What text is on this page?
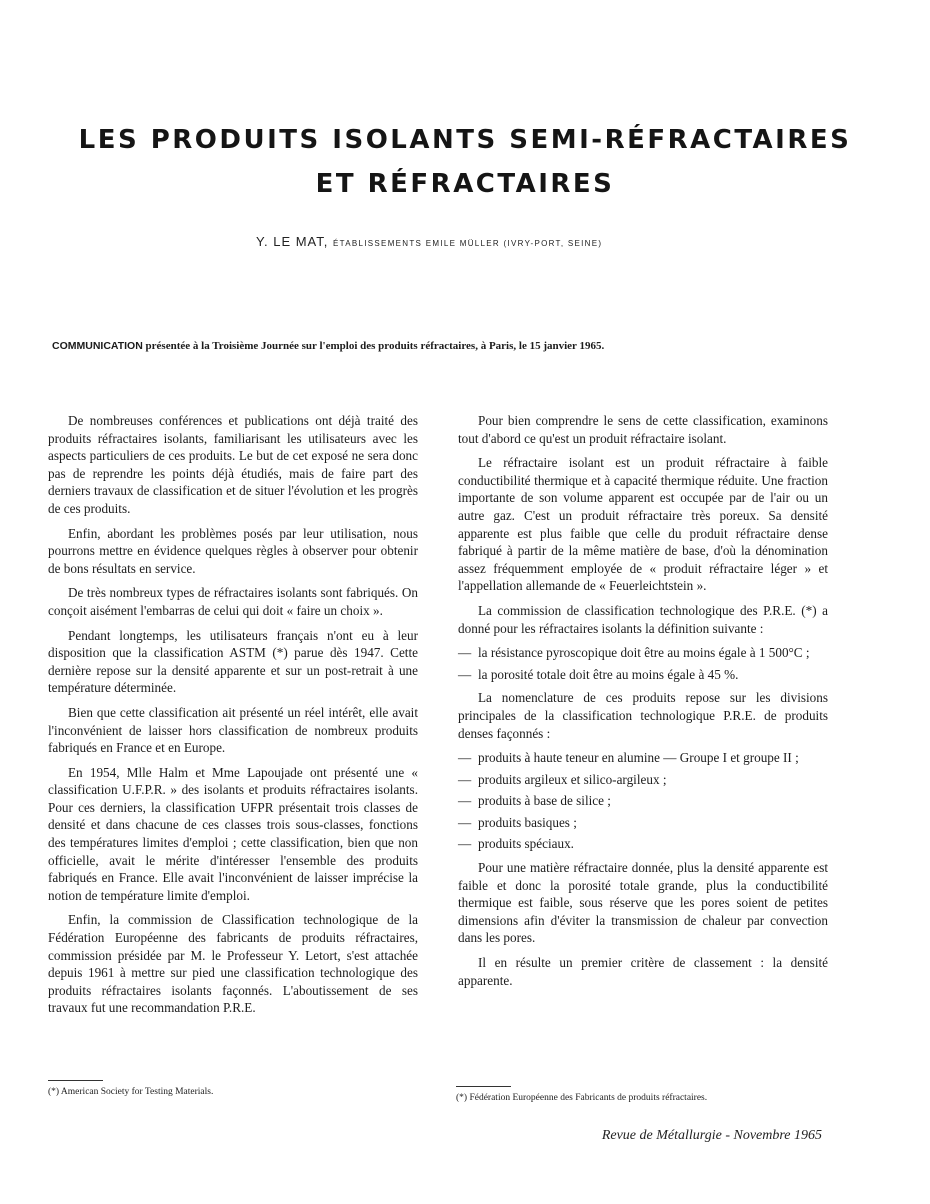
LES PRODUITS ISOLANTS SEMI-RÉFRACTAIRES
ET RÉFRACTAIRES
Y. LE MAT, ÉTABLISSEMENTS EMILE MÜLLER (IVRY-PORT, SEINE)
COMMUNICATION présentée à la Troisième Journée sur l'emploi des produits réfractaires, à Paris, le 15 janvier 1965.

De nombreuses conférences et publications ont déjà traité des produits réfractaires isolants, familiarisant les utilisateurs avec les aspects particuliers de ces produits. Le but de cet exposé ne sera donc pas de reprendre les points déjà étudiés, mais de faire part des derniers travaux de classification et de situer l'évolution et les progrès de ces produits.

Enfin, abordant les problèmes posés par leur utilisation, nous pourrons mettre en évidence quelques règles à observer pour obtenir de bons résultats en service.

De très nombreux types de réfractaires isolants sont fabriqués. On conçoit aisément l'embarras de celui qui doit « faire un choix ».

Pendant longtemps, les utilisateurs français n'ont eu à leur disposition que la classification ASTM (*) parue dès 1947. Cette dernière repose sur la densité apparente et sur un post-retrait à une température déterminée.

Bien que cette classification ait présenté un réel intérêt, elle avait l'inconvénient de laisser hors classification de nombreux produits fabriqués en France et en Europe.

En 1954, Mlle Halm et Mme Lapoujade ont présenté une « classification U.F.P.R. » des isolants et produits réfractaires isolants. Pour ces derniers, la classification UFPR présentait trois classes de densité et dans chacune de ces classes trois sous-classes, fonctions des températures limites d'emploi ; cette classification, bien que non officielle, avait le mérite d'intéresser l'ensemble des produits fabriqués en France. Elle avait l'inconvénient de laisser imprécise la notion de température limite d'emploi.

Enfin, la commission de Classification technologique de la Fédération Européenne des fabricants de produits réfractaires, commission présidée par M. le Professeur Y. Letort, s'est attachée depuis 1961 à mettre sur pied une classification technologique des produits réfractaires isolants façonnés. L'aboutissement de ses travaux fut une recommandation P.R.E.

Pour bien comprendre le sens de cette classification, examinons tout d'abord ce qu'est un produit réfractaire isolant.

Le réfractaire isolant est un produit réfractaire à faible conductibilité thermique et à capacité thermique réduite. Une fraction importante de son volume apparent est occupée par de l'air ou un autre gaz. C'est un produit réfractaire très poreux. Sa densité apparente est plus faible que celle du produit réfractaire dense fabriqué à partir de la même matière de base, d'où la dénomination assez fréquemment employée de « produit réfractaire léger » et l'appellation allemande de « Feuerleichtstein ».

La commission de classification technologique des P.R.E. (*) a donné pour les réfractaires isolants la définition suivante :

— la résistance pyroscopique doit être au moins égale à 1 500°C ;
— la porosité totale doit être au moins égale à 45 %.

La nomenclature de ces produits repose sur les divisions principales de la classification technologique P.R.E. de produits denses façonnés :

— produits à haute teneur en alumine — Groupe I et groupe II ;
— produits argileux et silico-argileux ;
— produits à base de silice ;
— produits basiques ;
— produits spéciaux.

Pour une matière réfractaire donnée, plus la densité apparente est faible et donc la porosité totale grande, plus la conductibilité thermique est faible, sous réserve que les pores soient de petites dimensions afin d'éviter la transmission de chaleur par convection dans les pores.

Il en résulte un premier critère de classement : la densité apparente.

(*) American Society for Testing Materials.
(*) Fédération Européenne des Fabricants de produits réfractaires.
Revue de Métallurgie - Novembre 1965
